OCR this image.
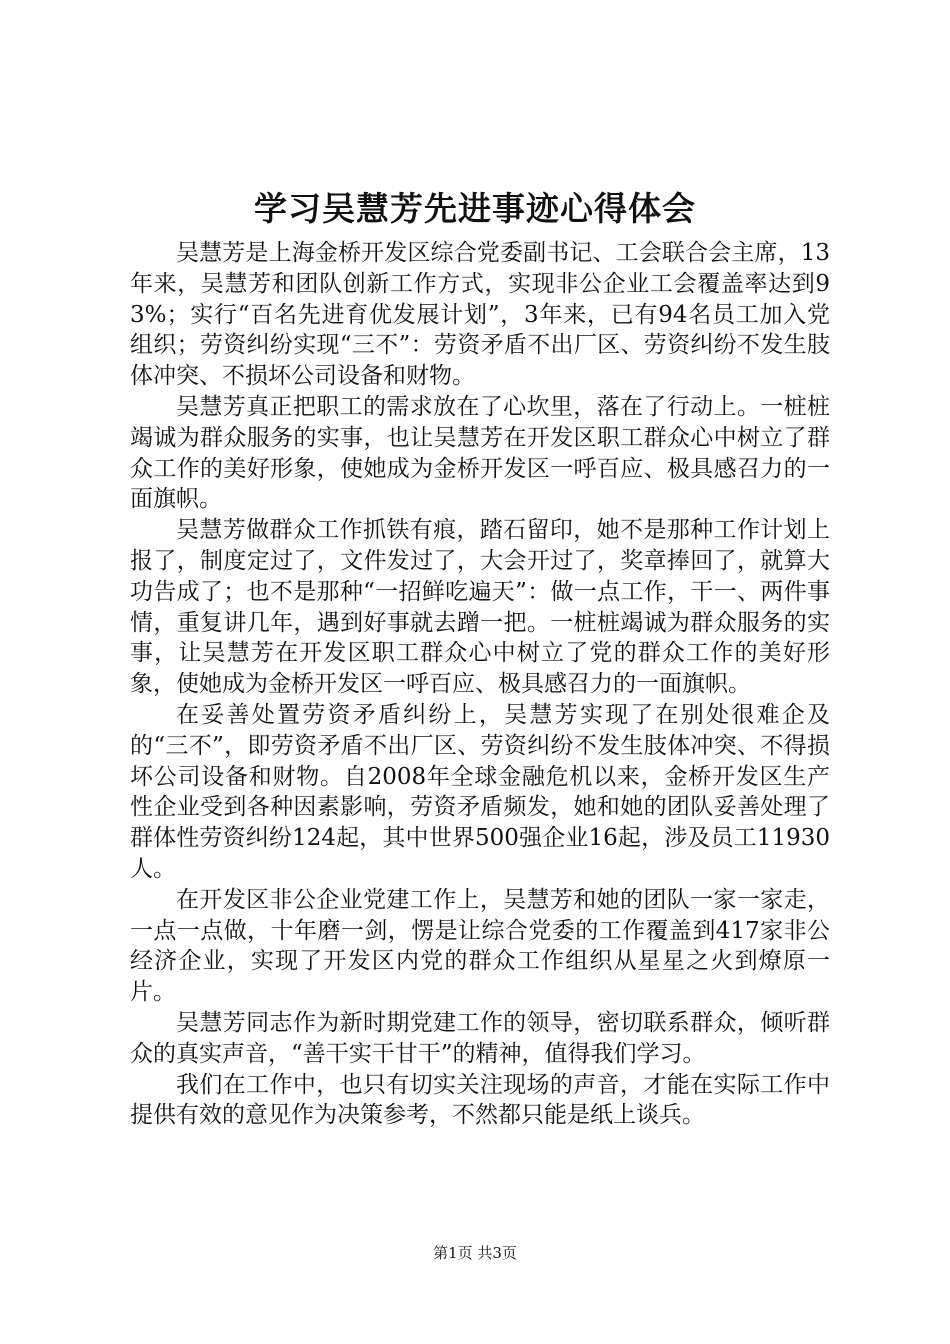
学习吴慧芳先进事迹心得体会

吴慧芳是上海金桥开发区综合党委副书记、工会联合会主席，13年来，吴慧芳和团队创新工作方式，实现非公企业工会覆盖率达到93%；实行“百名先进育优发展计划”，3年来，已有94名员工加入党组织；劳资纠纷实现“三不”：劳资矛盾不出厂区、劳资纠纷不发生肢体冲突、不损坏公司设备和财物。

吴慧芳真正把职工的需求放在了心坎里，落在了行动上。一桩桩竭诚为群众服务的实事，也让吴慧芳在开发区职工群众心中树立了群众工作的美好形象，使她成为金桥开发区一呼百应、极具感召力的一面旗帜。

吴慧芳做群众工作抓铁有痕，踏石留印，她不是那种工作计划上报了，制度定过了，文件发过了，大会开过了，奖章捧回了，就算大功告成了；也不是那种“一招鲜吃遍天”：做一点工作，干一、两件事情，重复讲几年，遇到好事就去蹭一把。一桩桩竭诚为群众服务的实事，让吴慧芳在开发区职工群众心中树立了党的群众工作的美好形象，使她成为金桥开发区一呼百应、极具感召力的一面旗帜。

在妥善处置劳资矛盾纠纷上，吴慧芳实现了在别处很难企及的“三不”，即劳资矛盾不出厂区、劳资纠纷不发生肢体冲突、不得损坏公司设备和财物。自2008年全球金融危机以来，金桥开发区生产性企业受到各种因素影响，劳资矛盾频发，她和她的团队妥善处理了群体性劳资纠纷124起，其中世界500强企业16起，涉及员工11930人。

在开发区非公企业党建工作上，吴慧芳和她的团队一家一家走，一点一点做，十年磨一剑，愣是让综合党委的工作覆盖到417家非公经济企业，实现了开发区内党的群众工作组织从星星之火到燎原一片。

吴慧芳同志作为新时期党建工作的领导，密切联系群众，倾听群众的真实声音，“善干实干甘干”的精神，值得我们学习。

我们在工作中，也只有切实关注现场的声音，才能在实际工作中提供有效的意见作为决策参考，不然都只能是纸上谈兵。

第1页 共3页
